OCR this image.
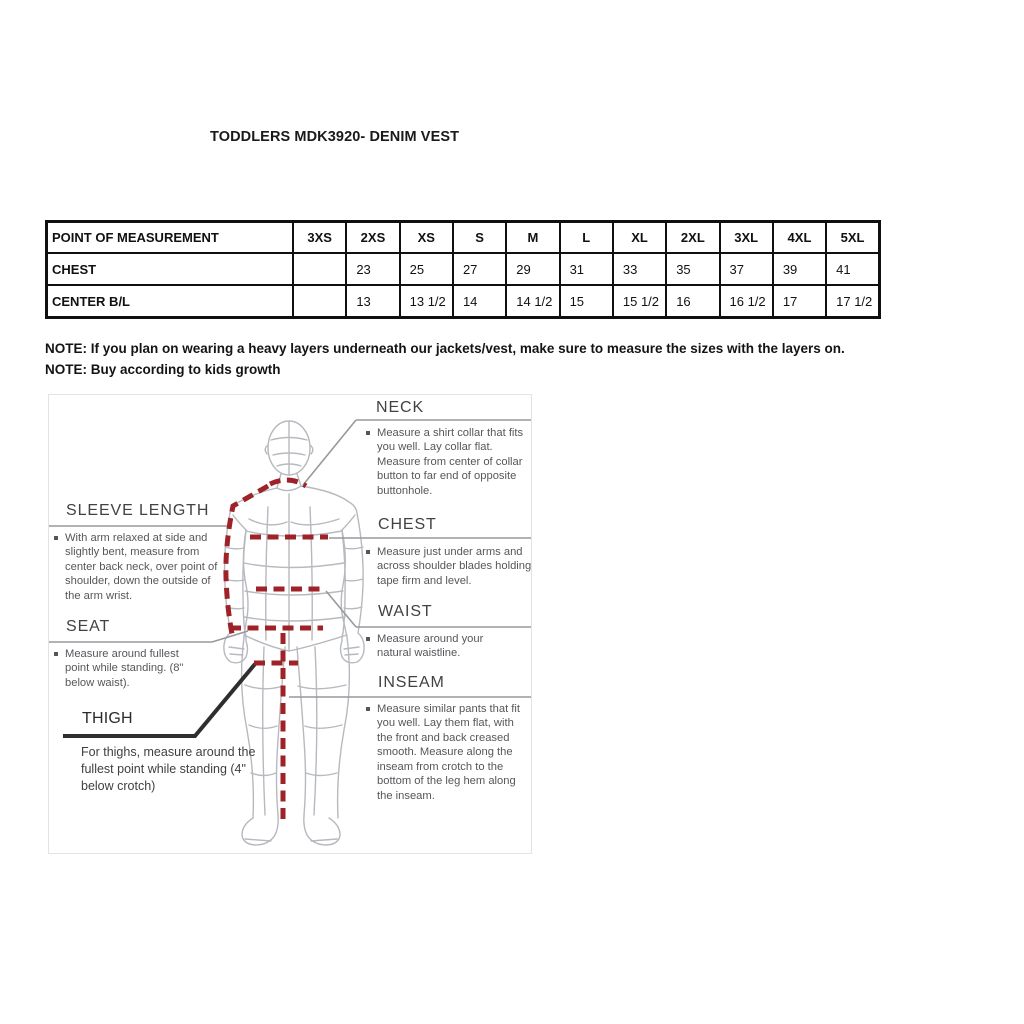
TODDLERS MDK3920- DENIM VEST
POINT OF MEASUREMENT	3XS	2XS	XS	S	M	L	XL	2XL	3XL	4XL	5XL
CHEST		23	25	27	29	31	33	35	37	39	41
CENTER B/L		13	13 1/2	14	14 1/2	15	15 1/2	16	16 1/2	17	17 1/2

NOTE: If you plan on wearing a heavy layers underneath our jackets/vest, make sure to measure the sizes with the layers on.

NOTE: Buy according to kids growth

NECK
Measure a shirt collar that fits you well. Lay collar flat. Measure from center of collar button to far end of opposite buttonhole.
CHEST
Measure just under arms and across shoulder blades holding tape firm and level.
WAIST
Measure around your natural waistline.
INSEAM
Measure similar pants that fit you well. Lay them flat, with the front and back creased smooth. Measure along the inseam from crotch to the bottom of the leg hem along the inseam.
SLEEVE LENGTH
With arm relaxed at side and slightly bent, measure from center back neck, over point of shoulder, down the outside of the arm wrist.
SEAT
Measure around fullest point while standing. (8" below waist).
THIGH
For thighs, measure around the fullest point while standing (4" below crotch)
